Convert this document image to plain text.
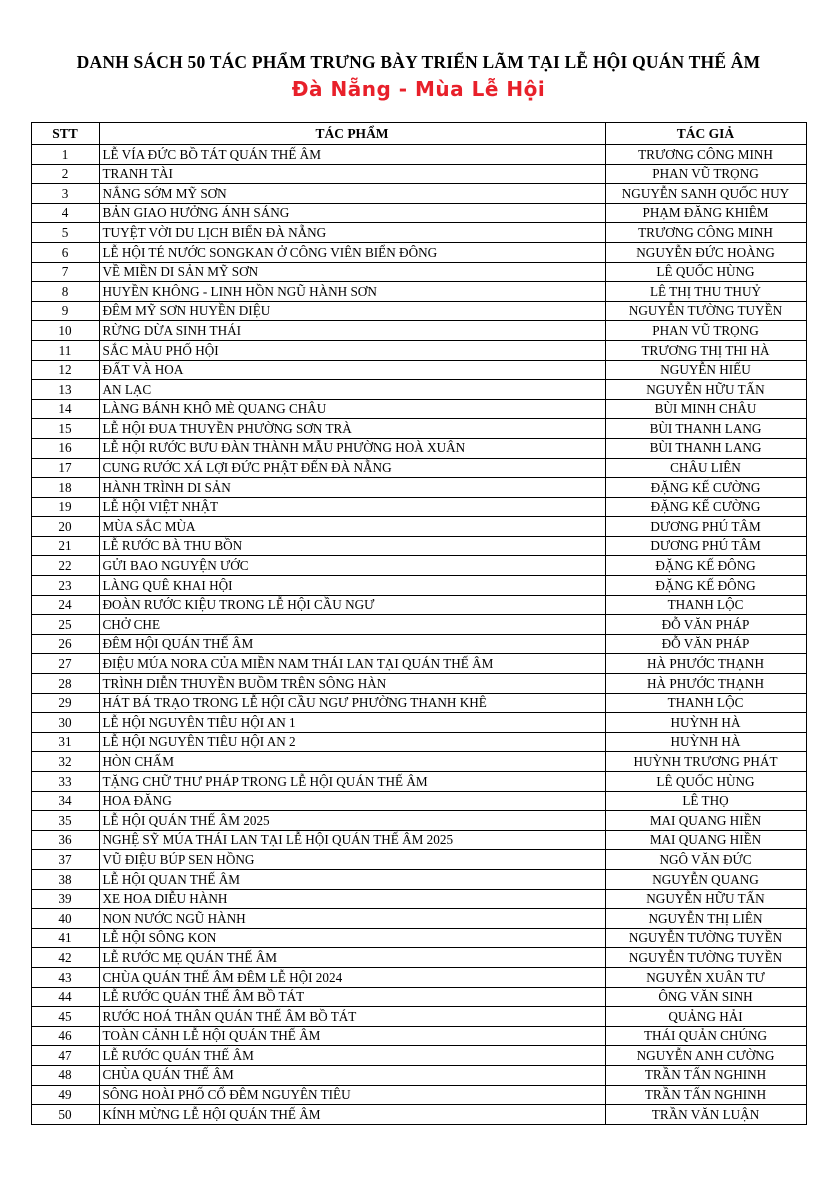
DANH SÁCH 50 TÁC PHẨM TRƯNG BÀY TRIỂN LÃM TẠI LỄ HỘI QUÁN THẾ ÂM
Đà Nẵng - Mùa Lễ Hội
STT	TÁC PHẨM	TÁC GIẢ
1	LỄ VÍA ĐỨC BỒ TÁT QUÁN THẾ ÂM	TRƯƠNG CÔNG MINH
2	TRANH TÀI	PHAN VŨ TRỌNG
3	NẮNG SỚM MỸ SƠN	NGUYỄN SANH QUỐC HUY
4	BẢN GIAO HƯỞNG ÁNH SÁNG	PHẠM ĐĂNG KHIÊM
5	TUYỆT VỜI DU LỊCH BIỂN ĐÀ NẴNG	TRƯƠNG CÔNG MINH
6	LỄ HỘI TÉ NƯỚC SONGKAN Ở CÔNG VIÊN BIỂN ĐÔNG	NGUYỄN ĐỨC HOÀNG
7	VỀ MIỀN DI SẢN MỸ SƠN	LÊ QUỐC HÙNG
8	HUYỀN KHÔNG - LINH HỒN NGŨ HÀNH SƠN	LÊ THỊ THU THUỶ
9	ĐÊM MỸ SƠN HUYỀN DIỆU	NGUYỄN TƯỜNG TUYỀN
10	RỪNG DỪA SINH THÁI	PHAN VŨ TRỌNG
11	SẮC MÀU PHỐ HỘI	TRƯƠNG THỊ THI HÀ
12	ĐẤT VÀ HOA	NGUYỄN HIẾU
13	AN LẠC	NGUYỄN HỮU TẤN
14	LÀNG BÁNH KHÔ MÈ QUANG CHÂU	BÙI MINH CHÂU
15	LỄ HỘI ĐUA THUYỀN PHƯỜNG SƠN TRÀ	BÙI THANH LANG
16	LỄ HỘI RƯỚC BƯU ĐÀN THÀNH MẪU PHƯỜNG HOÀ XUÂN	BÙI THANH LANG
17	CUNG RƯỚC XÁ LỢI ĐỨC PHẬT ĐẾN ĐÀ NẴNG	CHÂU LIÊN
18	HÀNH TRÌNH DI SẢN	ĐẶNG KẾ CƯỜNG
19	LỄ HỘI VIỆT NHẬT	ĐẶNG KẾ CƯỜNG
20	MÙA SẮC MÙA	DƯƠNG PHÚ TÂM
21	LỄ RƯỚC BÀ THU BỒN	DƯƠNG PHÚ TÂM
22	GỬI BAO NGUYỆN ƯỚC	ĐẶNG KẾ ĐÔNG
23	LÀNG QUÊ KHAI HỘI	ĐẶNG KẾ ĐÔNG
24	ĐOÀN RƯỚC KIỆU TRONG LỄ HỘI CẦU NGƯ	THANH LỘC
25	CHỞ CHE	ĐỖ VĂN PHÁP
26	ĐÊM HỘI QUÁN THẾ ÂM	ĐỖ VĂN PHÁP
27	ĐIỆU MÚA NORA CỦA MIỀN NAM THÁI LAN TẠI QUÁN THẾ ÂM	HÀ PHƯỚC THẠNH
28	TRÌNH DIỄN THUYỀN BUỒM TRÊN SÔNG HÀN	HÀ PHƯỚC THẠNH
29	HÁT BÁ TRẠO TRONG LỄ HỘI CẦU NGƯ PHƯỜNG THANH KHÊ	THANH LỘC
30	LỄ HỘI NGUYÊN TIÊU HỘI AN 1	HUỲNH HÀ
31	LỄ HỘI NGUYÊN TIÊU HỘI AN 2	HUỲNH HÀ
32	HÒN CHẤM	HUỲNH TRƯƠNG PHÁT
33	TẶNG CHỮ THƯ PHÁP TRONG LỄ HỘI QUÁN THẾ ÂM	LÊ QUỐC HÙNG
34	HOA ĐĂNG	LÊ THỌ
35	LỄ HỘI QUÁN THẾ ÂM 2025	MAI QUANG HIỀN
36	NGHỆ SỸ MÚA THÁI LAN TẠI LỄ HỘI QUÁN THẾ ÂM 2025	MAI QUANG HIỀN
37	VŨ ĐIỆU BÚP SEN HỒNG	NGÔ VĂN ĐỨC
38	LỄ HỘI QUAN THẾ ÂM	NGUYỄN QUANG
39	XE HOA DIỄU HÀNH	NGUYỄN HỮU TẤN
40	NON NƯỚC NGŨ HÀNH	NGUYỄN THỊ LIÊN
41	LỄ HỘI SÔNG KON	NGUYỄN TƯỜNG TUYỀN
42	LỄ RƯỚC MẸ QUÁN THẾ ÂM	NGUYỄN TƯỜNG TUYỀN
43	CHÙA QUÁN THẾ ÂM ĐÊM LỄ HỘI 2024	NGUYỄN XUÂN TƯ
44	LỄ RƯỚC QUÁN THẾ ÂM BỒ TÁT	ÔNG VĂN SINH
45	RƯỚC HOÁ THÂN QUÁN THẾ ÂM BỒ TÁT	QUẢNG HẢI
46	TOÀN CẢNH LỄ HỘI QUÁN THẾ ÂM	THÁI QUẢN CHÚNG
47	LỄ RƯỚC QUÁN THẾ ÂM	NGUYỄN ANH CƯỜNG
48	CHÙA QUÁN THẾ ÂM	TRẦN TẤN NGHINH
49	SÔNG HOÀI PHỐ CỔ ĐÊM NGUYÊN TIÊU	TRẦN TẤN NGHINH
50	KÍNH MỪNG LỄ HỘI QUÁN THẾ ÂM	TRẦN VĂN LUẬN
